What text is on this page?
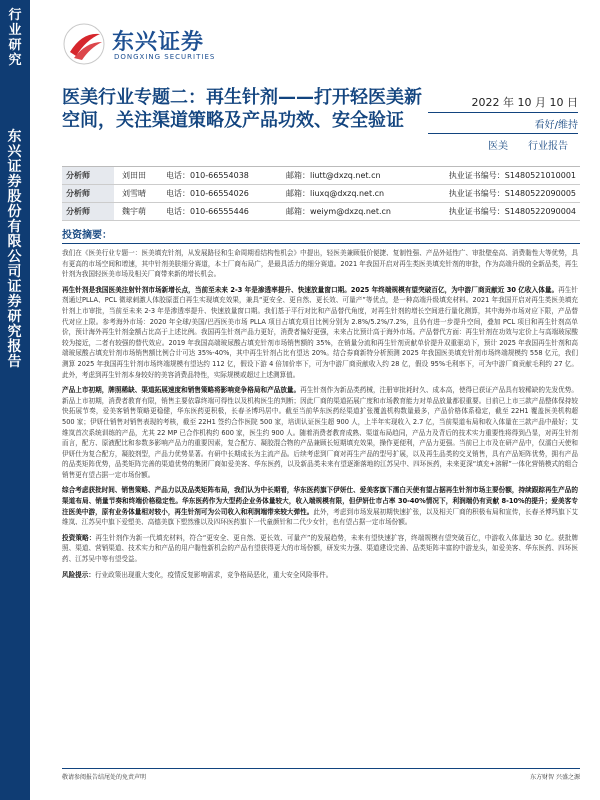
行
业
研
究
东
兴
证
券
股
份
有
限
公
司
证
券
研
究
报
告
东兴证券
DONGXING SECURITIES
医美行业专题二：再生针剂——打开轻医美新空间，关注渠道策略及产品功效、安全验证
2022 年 10 月 10 日
看好/维持
医美	行业报告
分析师	刘田田	电话：010-66554038	邮箱：liutt@dxzq.net.cn	执业证书编号：S1480521010001
分析师	刘雪晴	电话：010-66554026	邮箱：liuxq@dxzq.net.cn	执业证书编号：S1480522090005
分析师	魏宇萌	电话：010-66555446	邮箱：weiym@dxzq.net.cn	执业证书编号：S1480522090004
投资摘要：

我们在《医美行业专题一：医美填充针剂，从发展路径和生命周期看结构性机会》中提出，轻医美兼顾低价便捷、复制性强、产品外延性广、审批壁垒高、消费黏性大等优势，具有更高的市场空间和增速，其中针剂美肤细分赛道，本土厂商布局广，是最具活力的细分赛道。2021 年我国开启对再生类医美填充针剂的审批，作为高端升级的全新品类，再生针剂为我国轻医美市场及相关厂商带来新的增长机会。

再生针剂是我国医美注射针剂市场新增长点，当前至未来 2-3 年是渗透率提升、快速放量窗口期。2025 年终端规模有望突破百亿，为中游厂商贡献近 30 亿收入体量。再生针剂通过PLLA、PCL 微球刺激人体胶原蛋白再生实现填充效果，兼具“更安全、更自然、更长效、可量产”等优点，是一种高端升级填充材料。2021 年我国开启对再生类医美填充针剂上市审批，当前至未来 2-3 年是渗透率提升、快速放量窗口期。我们基于平行对比和产品替代角度，对再生针剂的增长空间进行量化测算，其中海外市场对应下限，产品替代对应上限。参考海外市场：2020 年全球/美国/巴西医美市场 PLLA 项目占填充项目比例分别为 2.8%/5.2%/7.2%，且仍有进一步提升空间，叠加 PCL 项目和再生针剂高单价，预计海外再生针剂金额占比高于上述比例。我国再生针剂产品力更好，消费者偏好更强，未来占比预计高于海外市场。产品替代方面：再生针剂在功效与定价上与高端玻尿酸较为接近，二者有较强的替代效应。2019 年我国高端玻尿酸占填充针剂市场销售额的 35%，在销量分流和再生针剂贡献单价提升双重驱动下，预计 2025 年我国再生针剂和高端玻尿酸占填充针剂市场销售额比例合计可达 35%-40%，其中再生针剂占比有望达 20%。结合券商新特分析预测 2025 年我国医美填充针剂市场终端规模约 558 亿元，我们测算 2025 年我国再生针剂市场终端规模有望达约 112 亿，假设下游 4 倍加价率下，可为中游厂商贡献收入约 28 亿，假设 95%毛利率下，可为中游厂商贡献毛利约 27 亿。此外，考虑到再生针剂本身较好的美容消费品特性，实际规模或超过上述测算值。

产品上市初期，牌照稀缺、渠道拓展速度和销售策略将影响竞争格局和产品放量。再生针剂作为新品类药械，注册审批耗时久、成本高，使得已获证产品具有较稀缺的先发优势。新品上市初期，消费者教育有限，销售主要依靠终端可得性以及机构医生的判断；因此厂商的渠道拓展广度和市场教育能力对单品放量都很重要。目前已上市三款产品整体保持较快拓展节奏，爱美客销售策略更稳健，华东医药更积极，长春圣博玛居中。截至当前华东医药经渠道扩张覆盖机构数量最多，产品价格体系稳定，截至 22H1 覆盖医美机构超 500 家；伊妍仕销售对销售表现的考核，截至 22H1 签约合作医院 500 家，培训认证医生超 900 人，上半年实现收入 2.7 亿，当前渠道布局和收入体量在三款产品中最好；艾维岚首次系统训练的产品，尤其 22 MP 已合作机构约 600 家，医生约 900 人。随着消费者教育成熟、渠道布局趋同，产品力及背后的技术实力重要性将得到凸显，对再生针剂而言，配方、原液配比和参数多影响产品力的重要因素，复合配方、凝胶混合物的产品兼顾长短期填充效果，操作更便利，产品力更强。当前已上市及在研产品中，仅濡白天使和伊妍仕为复合配方，凝胶剂型，产品力优势显著。有研中长期成长为主流产品。后续考虑到厂商对再生产品的型号扩展，以及再生品类的交叉销售，具有产品矩阵优势，拥有产品的品类矩阵优势，品类矩阵完善的渠道优势的集团厂商如爱美客、华东医药，以及新品类未来有望逐渐落地的江苏吴中、四环医药，未来更深“填充+溶解”一体化营销模式的组合销售更有望占据一定市场份额。

综合考虑获批时间、销售策略、产品力以及品类矩阵布局，我们认为中长期看，华东医药旗下伊妍仕、爱美客旗下濡白天使有望占据再生针剂市场主要份额，持续跟踪再生产品的渠道布局、销量节奏和终端价格稳定性。华东医药作为大型药企业务体量较大，收入端规模有限，但伊妍仕市占率 30-40%情况下，利润端仍有贡献 8-10%的提升；爱美客专注医美中游，原有业务体量相对较小，再生针剂可为公司收入和利润端带来较大弹性。此外，考虑到市场发展初期快速扩张，以及相关厂商的积极布局和宣传，长春圣博玛旗下艾维岚、江苏吴中旗下爱塑美、高德美旗下塑然雅以及四环医药旗下一代童颜针和二代少女针，也有望占据一定市场份额。

投资策略：再生针剂作为新一代填充材料，符合“更安全、更自然、更长效、可量产”的发展趋势，未来有望快速扩容，终端规模有望突破百亿，中游收入体量达 30 亿。获批牌照、渠道、营销渠道、技术实力和产品的用户黏性新机会的产品有望获得更大的市场份额，研发实力强、渠道建设完善、品类矩阵丰富的中游龙头，如爱美客、华东医药、四环医药、江苏吴中等有望受益。

风险提示：行业政策出现重大变化，疫情反复影响需求，竞争格局恶化，重大安全风险事件。

敬请参阅报告结尾处的免责声明	东方财智 兴盛之源
